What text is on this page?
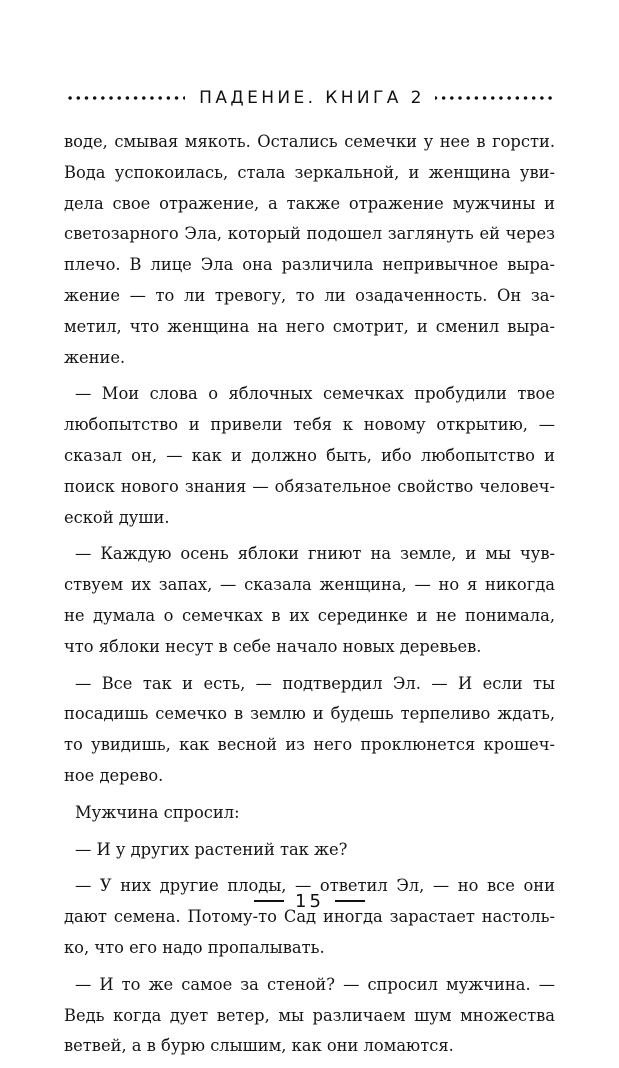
ПАДЕНИЕ. КНИГА 2

воде, смывая мякоть. Остались семечки у нее в горсти.
Вода успокоилась, стала зеркальной, и женщина уви-
дела свое отражение, а также отражение мужчины и
светозарного Эла, который подошел заглянуть ей через
плечо. В лице Эла она различила непривычное выра-
жение — то ли тревогу, то ли озадаченность. Он за-
метил, что женщина на него смотрит, и сменил выра-
жение.

— Мои слова о яблочных семечках пробудили твое
любопытство и привели тебя к новому открытию, —
сказал он, — как и должно быть, ибо любопытство и
поиск нового знания — обязательное свойство человеч-
еской души.

— Каждую осень яблоки гниют на земле, и мы чув-
ствуем их запах, — сказала женщина, — но я никогда
не думала о семечках в их серединке и не понимала,
что яблоки несут в себе начало новых деревьев.

— Все так и есть, — подтвердил Эл. — И если ты
посадишь семечко в землю и будешь терпеливо ждать,
то увидишь, как весной из него проклюнется крошеч-
ное дерево.

Мужчина спросил:

— И у других растений так же?

— У них другие плоды, — ответил Эл, — но все они
дают семена. Потому-то Сад иногда зарастает настоль-
ко, что его надо пропалывать.

— И то же самое за стеной? — спросил мужчина. —
Ведь когда дует ветер, мы различаем шум множества
ветвей, а в бурю слышим, как они ломаются.

15
